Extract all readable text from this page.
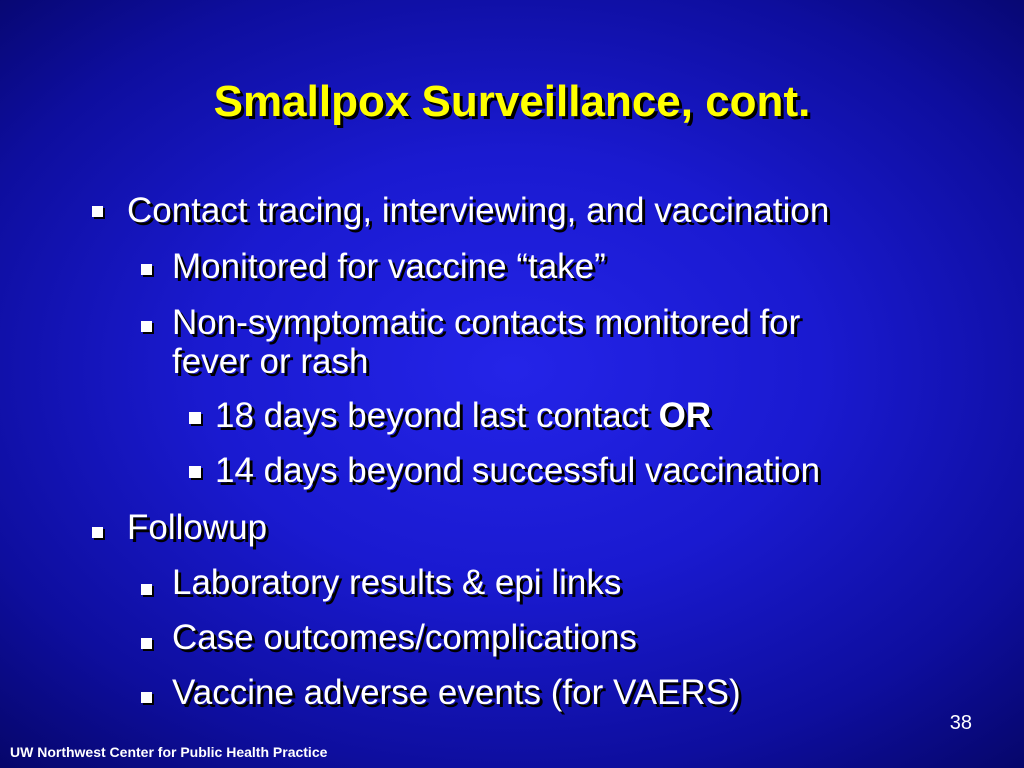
Smallpox Surveillance, cont.
Contact tracing, interviewing, and vaccination
Monitored for vaccine “take”
Non-symptomatic contacts monitored for
fever or rash
18 days beyond last contact OR
14 days beyond successful vaccination
Followup
Laboratory results & epi links
Case outcomes/complications
Vaccine adverse events (for VAERS)
38
UW Northwest Center for Public Health Practice
